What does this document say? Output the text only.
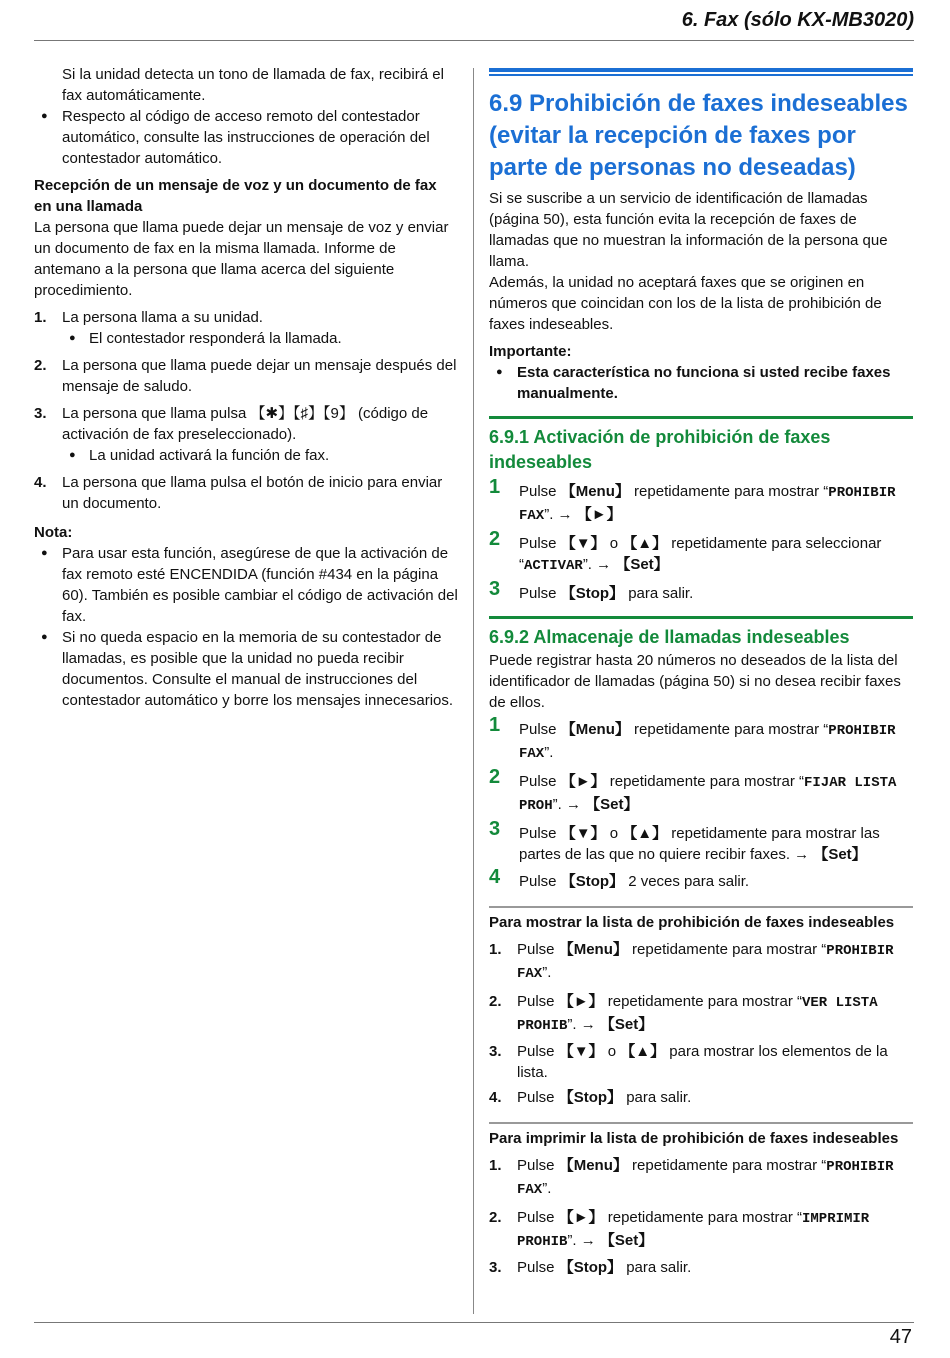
6. Fax (sólo KX-MB3020)

Si la unidad detecta un tono de llamada de fax, recibirá el fax automáticamente.

● Respecto al código de acceso remoto del contestador automático, consulte las instrucciones de operación del contestador automático.

Recepción de un mensaje de voz y un documento de fax en una llamada

La persona que llama puede dejar un mensaje de voz y enviar un documento de fax en la misma llamada. Informe de antemano a la persona que llama acerca del siguiente procedimiento.

1. La persona llama a su unidad.

● El contestador responderá la llamada.

2. La persona que llama puede dejar un mensaje después del mensaje de saludo.
3. La persona que llama pulsa 【✱】【♯】【9】 (código de activación de fax preseleccionado).

● La unidad activará la función de fax.

4. La persona que llama pulsa el botón de inicio para enviar un documento.

Nota:

● Para usar esta función, asegúrese de que la activación de fax remoto esté ENCENDIDA (función #434 en la página 60). También es posible cambiar el código de activación del fax.

● Si no queda espacio en la memoria de su contestador de llamadas, es posible que la unidad no pueda recibir documentos. Consulte el manual de instrucciones del contestador automático y borre los mensajes innecesarios.

6.9 Prohibición de faxes indeseables (evitar la recepción de faxes por parte de personas no deseadas)

Si se suscribe a un servicio de identificación de llamadas (página 50), esta función evita la recepción de faxes de llamadas que no muestran la información de la persona que llama.

Además, la unidad no aceptará faxes que se originen en números que coincidan con los de la lista de prohibición de faxes indeseables.

Importante:

● Esta característica no funciona si usted recibe faxes manualmente.

6.9.1 Activación de prohibición de faxes indeseables
1 Pulse 【Menu】 repetidamente para mostrar “PROHIBIR FAX”. → 【►】
2 Pulse 【▼】 o 【▲】 repetidamente para seleccionar “ACTIVAR”. → 【Set】
3 Pulse 【Stop】 para salir.
6.9.2 Almacenaje de llamadas indeseables

Puede registrar hasta 20 números no deseados de la lista del identificador de llamadas (página 50) si no desea recibir faxes de ellos.

1 Pulse 【Menu】 repetidamente para mostrar “PROHIBIR FAX”.
2 Pulse 【►】 repetidamente para mostrar “FIJAR LISTA PROH”. → 【Set】
3 Pulse 【▼】 o 【▲】 repetidamente para mostrar las partes de las que no quiere recibir faxes. → 【Set】
4 Pulse 【Stop】 2 veces para salir.

Para mostrar la lista de prohibición de faxes indeseables

1. Pulse 【Menu】 repetidamente para mostrar “PROHIBIR FAX”.
2. Pulse 【►】 repetidamente para mostrar “VER LISTA PROHIB”. → 【Set】
3. Pulse 【▼】 o 【▲】 para mostrar los elementos de la lista.
4. Pulse 【Stop】 para salir.

Para imprimir la lista de prohibición de faxes indeseables

1. Pulse 【Menu】 repetidamente para mostrar “PROHIBIR FAX”.
2. Pulse 【►】 repetidamente para mostrar “IMPRIMIR PROHIB”. → 【Set】
3. Pulse 【Stop】 para salir.
47
